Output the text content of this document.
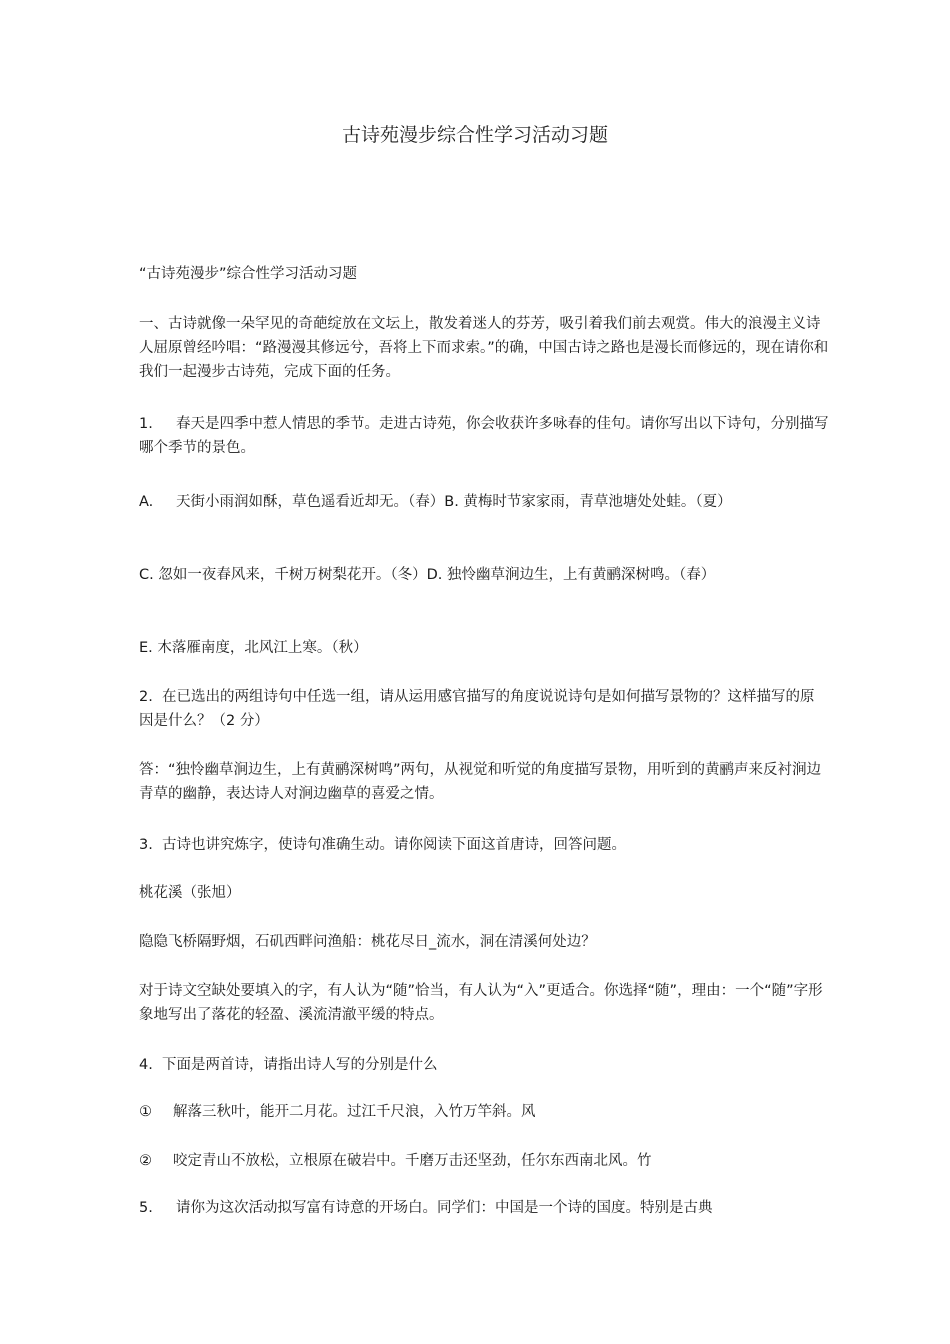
古诗苑漫步综合性学习活动习题
“古诗苑漫步”综合性学习活动习题
一、古诗就像一朵罕见的奇葩绽放在文坛上，散发着迷人的芬芳，吸引着我们前去观赏。伟大的浪漫主义诗人屈原曾经吟唱：“路漫漫其修远兮，吾将上下而求索。”的确，中国古诗之路也是漫长而修远的，现在请你和我们一起漫步古诗苑，完成下面的任务。
1. 春天是四季中惹人情思的季节。走进古诗苑，你会收获许多咏春的佳句。请你写出以下诗句，分别描写哪个季节的景色。
A. 天街小雨润如酥，草色遥看近却无。（春）B. 黄梅时节家家雨，青草池塘处处蛙。（夏）
C. 忽如一夜春风来，千树万树梨花开。（冬）D. 独怜幽草涧边生，上有黄鹂深树鸣。（春）
E. 木落雁南度，北风江上寒。（秋）
2.  在已选出的两组诗句中任选一组，请从运用感官描写的角度说说诗句是如何描写景物的？这样描写的原因是什么？（2 分）
答：“独怜幽草涧边生，上有黄鹂深树鸣”两句，从视觉和听觉的角度描写景物，用听到的黄鹂声来反衬涧边青草的幽静，表达诗人对涧边幽草的喜爱之情。
3.  古诗也讲究炼字，使诗句准确生动。请你阅读下面这首唐诗，回答问题。
桃花溪（张旭）
隐隐飞桥隔野烟，石矶西畔问渔船：桃花尽日_流水，洞在清溪何处边？
对于诗文空缺处要填入的字，有人认为“随”恰当，有人认为“入”更适合。你选择“随”，理由：一个“随”字形象地写出了落花的轻盈、溪流清澈平缓的特点。
4.  下面是两首诗，请指出诗人写的分别是什么
① 解落三秋叶，能开二月花。过江千尺浪，入竹万竿斜。风
② 咬定青山不放松，立根原在破岩中。千磨万击还坚劲，任尔东西南北风。竹
5. 请你为这次活动拟写富有诗意的开场白。同学们：中国是一个诗的国度。特别是古典
